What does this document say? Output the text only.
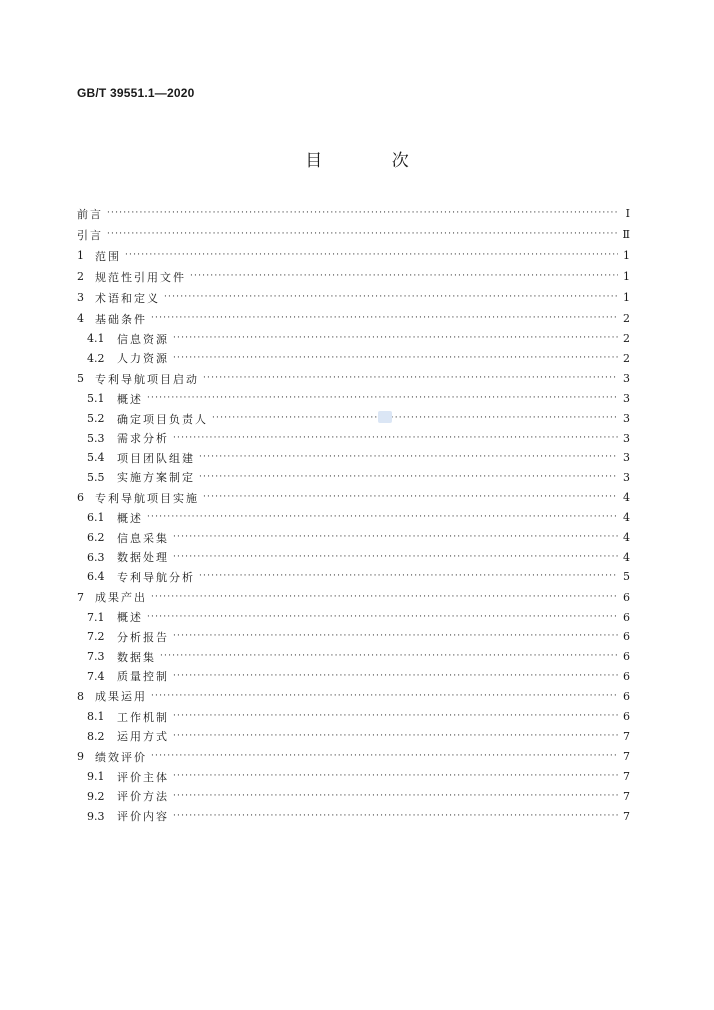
GB/T 39551.1—2020
目 次
前言 ·····	Ⅰ
引言 ·····	Ⅱ
1	范围 ·····	1
2	规范性引用文件 ·····	1
3	术语和定义 ·····	1
4	基础条件 ·····	2
4.1	信息资源 ·····	2
4.2	人力资源 ·····	2
5	专利导航项目启动 ·····	3
5.1	概述 ·····	3
5.2	确定项目负责人 ·····	3
5.3	需求分析 ·····	3
5.4	项目团队组建 ·····	3
5.5	实施方案制定 ·····	3
6	专利导航项目实施 ·····	4
6.1	概述 ·····	4
6.2	信息采集 ·····	4
6.3	数据处理 ·····	4
6.4	专利导航分析 ·····	5
7	成果产出 ·····	6
7.1	概述 ·····	6
7.2	分析报告 ·····	6
7.3	数据集 ·····	6
7.4	质量控制 ·····	6
8	成果运用 ·····	6
8.1	工作机制 ·····	6
8.2	运用方式 ·····	7
9	绩效评价 ·····	7
9.1	评价主体 ·····	7
9.2	评价方法 ·····	7
9.3	评价内容 ·····	7
